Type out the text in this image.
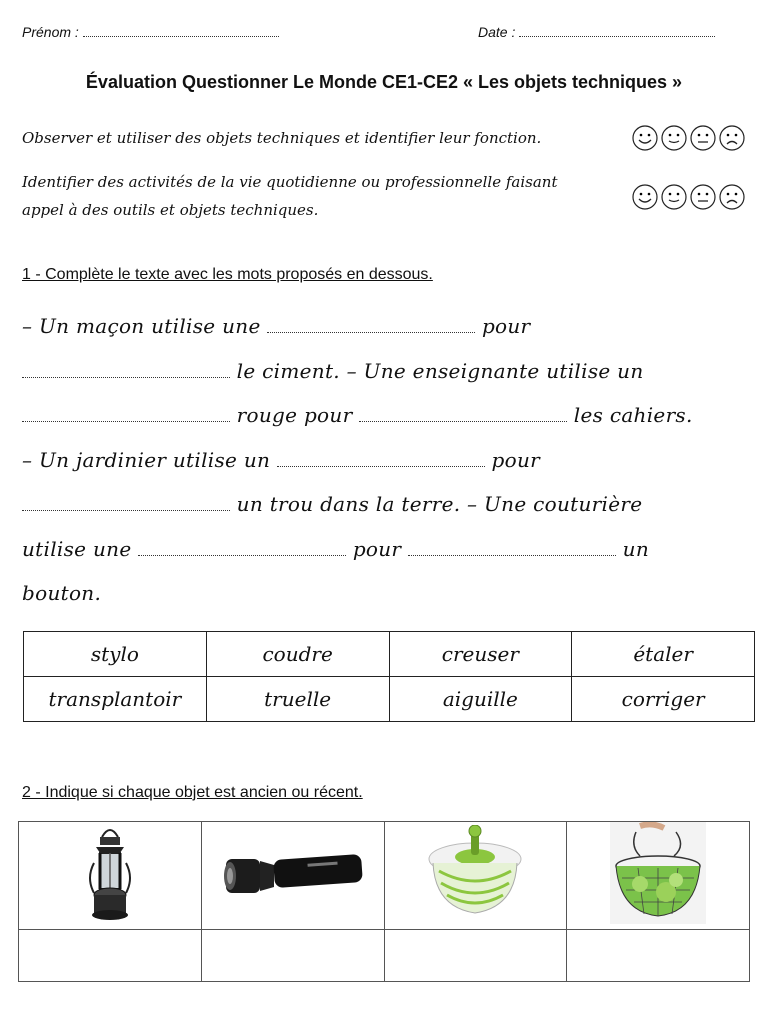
Prénom :	Date :
Évaluation Questionner Le Monde CE1-CE2 « Les objets techniques »
Observer et utiliser des objets techniques et identifier leur fonction.
Identifier des activités de la vie quotidienne ou professionnelle faisant
appel à des outils et objets techniques.
1 - Complète le texte avec les mots proposés en dessous.
– Un maçon utilise une	pour
le ciment. – Une enseignante utilise un
rouge pour	les cahiers.
– Un jardinier utilise un	pour
un trou dans la terre. – Une couturière
utilise une	pour	un
bouton.
stylo	coudre	creuser	étaler
transplantoir	truelle	aiguille	corriger
2 - Indique si chaque objet est ancien ou récent.
